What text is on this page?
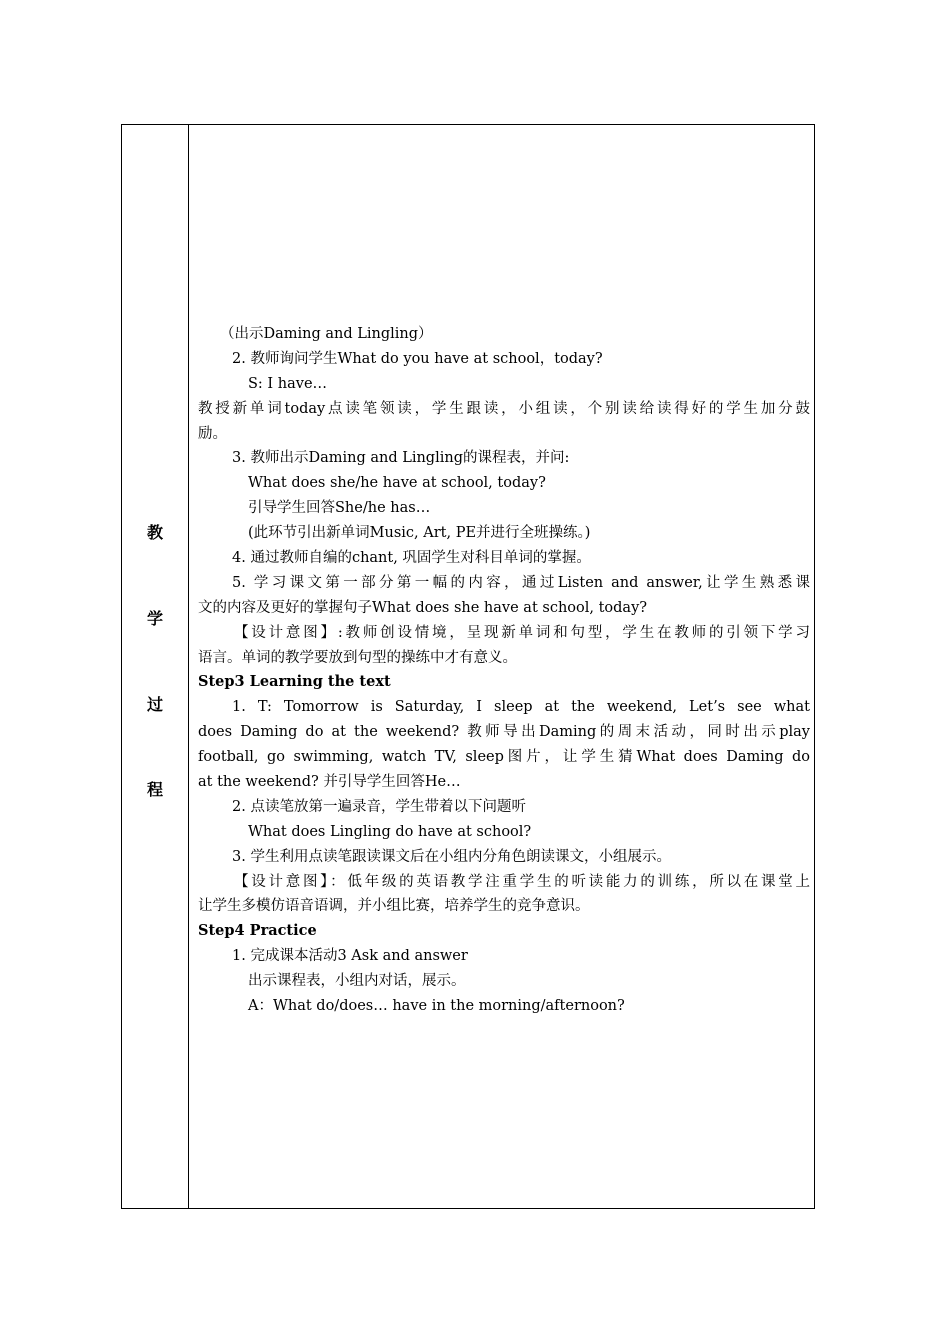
教
学
过
程
（出示Daming and Lingling）
2. 教师询问学生What do you have at school，today?
S: I have…
教授新单词today点读笔领读，学生跟读，小组读，个别读给读得好的学生加分鼓
励。
3. 教师出示Daming and Lingling的课程表，并问:
What does she/he have at school, today?
引导学生回答She/he has…
(此环节引出新单词Music, Art, PE并进行全班操练。)
4. 通过教师自编的chant, 巩固学生对科目单词的掌握。
5. 学习课文第一部分第一幅的内容，通过Listen and answer,让学生熟悉课
文的内容及更好的掌握句子What does she have at school, today?
【设计意图】:教师创设情境，呈现新单词和句型，学生在教师的引领下学习
语言。单词的教学要放到句型的操练中才有意义。
Step3 Learning the text
1. T: Tomorrow is Saturday, I sleep at the weekend, Let’s see what
does Daming do at the weekend? 教师导出Daming的周末活动，同时出示play
football, go swimming, watch TV, sleep图片，让学生猜What does Daming do
at the weekend? 并引导学生回答He…
2. 点读笔放第一遍录音，学生带着以下问题听
What does Lingling do have at school?
3. 学生利用点读笔跟读课文后在小组内分角色朗读课文，小组展示。
【设计意图】：低年级的英语教学注重学生的听读能力的训练，所以在课堂上
让学生多模仿语音语调，并小组比赛，培养学生的竞争意识。
Step4 Practice
1. 完成课本活动3 Ask and answer
出示课程表，小组内对话，展示。
A：What do/does… have in the morning/afternoon?
